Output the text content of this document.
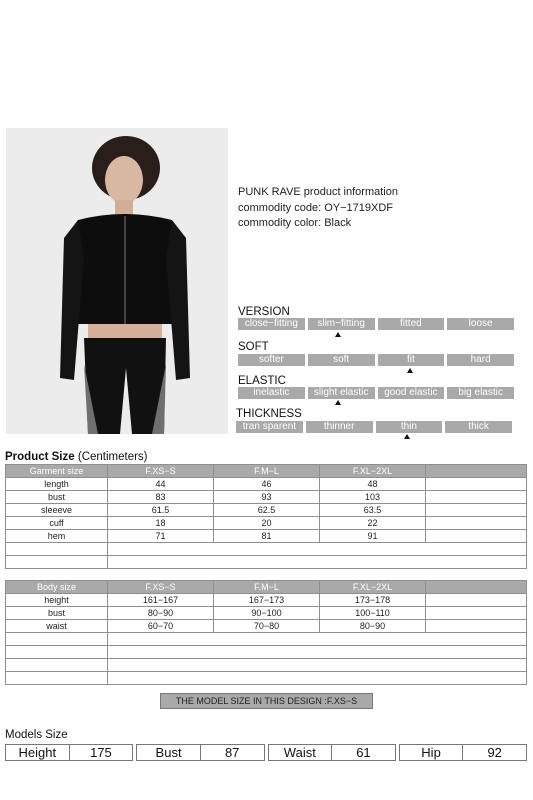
PUNK RAVE product information
commodity code: OY−1719XDF
commodity color: Black
VERSION
close−fitting	slim−fitting	fitted	loose
SOFT
softer	soft	fit	hard
ELASTIC
inelastic	slight elastic	good elastic	big elastic
THICKNESS
tran sparent	thinner	thin	thick
Product Size (Centimeters)
Garment size	F.XS−S	F.M−L	F.XL−2XL	
length	44	46	48	
bust	83	93	103	
sleeeve	61.5	62.5	63.5	
cuff	18	20	22	
hem	71	81	91	

Body size	F.XS−S	F.M−L	F.XL−2XL	
height	161−167	167−173	173−178	
bust	80−90	90−100	100−110	
waist	60−70	70−80	80−90	

THE MODEL SIZE IN THIS DESIGN :F.XS−S
Models Size
Height	175	Bust	87	Waist	61	Hip	92
